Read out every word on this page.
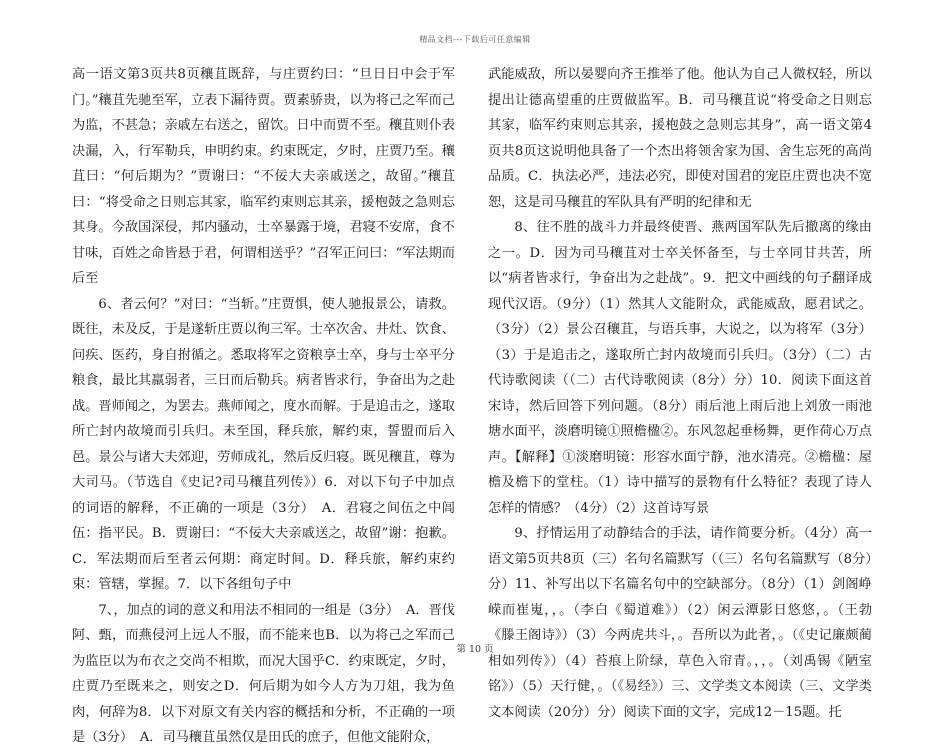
精品文档---下载后可任意编辑

高一语文第3页共8页穰苴既辞，与庄贾约曰：“旦日日中会于军门。”穰苴先驰至军，立表下漏待贾。贾素骄贵，以为将己之军而己为监，不甚急；亲戚左右送之，留饮。日中而贾不至。穰苴则仆表决漏，入，行军勒兵，申明约束。约束既定，夕时，庄贾乃至。穰苴曰：“何后期为？”贾谢曰：“不佞大夫亲戚送之，故留。”穰苴曰：“将受命之日则忘其家，临军约束则忘其亲，援枹鼓之急则忘其身。今敌国深侵，邦内骚动，士卒暴露于境，君寝不安席，食不甘味，百姓之命皆悬于君，何谓相送乎？”召军正问曰：“军法期而后至

6、者云何？”对曰：“当斩。”庄贾惧，使人驰报景公，请救。既往，未及反，于是遂斩庄贾以徇三军。士卒次舍、井灶、饮食、问疾、医药，身自拊循之。悉取将军之资粮享士卒，身与士卒平分粮食，最比其羸弱者，三日而后勒兵。病者皆求行，争奋出为之赴战。晋师闻之，为罢去。燕师闻之，度水而解。于是追击之，遂取所亡封内故境而引兵归。未至国，释兵旅，解约束，誓盟而后入邑。景公与诸大夫郊迎，劳师成礼，然后反归寝。既见穰苴，尊为大司马。（节选自《史记?司马穰苴列传》）6．对以下句子中加点的词语的解释，不正确的一项是（3分）　A．君寝之间伍之中闾伍：指平民。B．贾谢曰：“不佞大夫亲戚送之，故留”谢：抱歉。C．军法期而后至者云何期：商定时间。D．释兵旅，解约束约束：管辖，掌握。7．以下各组句子中

7、，加点的词的意义和用法不相同的一组是（3分）　A．晋伐阿、甄，而燕侵河上远人不服，而不能来也B．以为将己之军而己为监臣以为布衣之交尚不相欺，而况大国乎C．约束既定，夕时，庄贾乃至既来之，则安之D．何后期为如今人方为刀俎，我为鱼肉，何辞为8．以下对原文有关内容的概括和分析，不正确的一项是（3分）　A．司马穰苴虽然仅是田氏的庶子，但他文能附众，

武能威敌，所以晏婴向齐王推举了他。他认为自己人微权轻，所以提出让德高望重的庄贾做监军。B．司马穰苴说“将受命之日则忘其家，临军约束则忘其亲，援枹鼓之急则忘其身”，高一语文第4页共8页这说明他具备了一个杰出将领舍家为国、舍生忘死的高尚品质。C．执法必严，违法必究，即使对国君的宠臣庄贾也决不宽恕，这是司马穰苴的军队具有严明的纪律和无

8、往不胜的战斗力并最终使晋、燕两国军队先后撤离的缘由之一。D．因为司马穰苴对士卒关怀备至，与士卒同甘共苦，所以“病者皆求行，争奋出为之赴战”。9．把文中画线的句子翻译成现代汉语。（9分）（1）然其人文能附众，武能威敌，愿君试之。（3分）（2）景公召穰苴，与语兵事，大说之，以为将军（3分）（3）于是追击之，遂取所亡封内故境而引兵归。（3分）（二）古代诗歌阅读（（二）古代诗歌阅读（8分）分）10．阅读下面这首宋诗，然后回答下列问题。（8分）雨后池上雨后池上刘攽一雨池塘水面平，淡磨明镜①照檐楹②。东风忽起垂杨舞，更作荷心万点声。【解释】①淡磨明镜：形容水面宁静，池水清亮。②檐楹：屋檐及檐下的堂柱。（1）诗中描写的景物有什么特征？表现了诗人怎样的情感？（4分）（2）这首诗写景

9、抒情运用了动静结合的手法，请作简要分析。（4分）高一语文第5页共8页（三）名句名篇默写（（三）名句名篇默写（8分）分）11、补写出以下名篇名句中的空缺部分。（8分）（1）剑阁峥嵘而崔嵬，，。（李白《蜀道难》）（2）闲云潭影日悠悠，。（王勃《滕王阁诗》）（3）今两虎共斗，。吾所以为此者，。（《史记廉颇蔺相如列传》）（4）苔痕上阶绿，草色入帘青。，，。（刘禹锡《陋室铭》）（5）天行健，。（《易经》）三、文学类文本阅读（三、文学类文本阅读（20分）分）阅读下面的文字，完成12－15题。托

第 10 页
